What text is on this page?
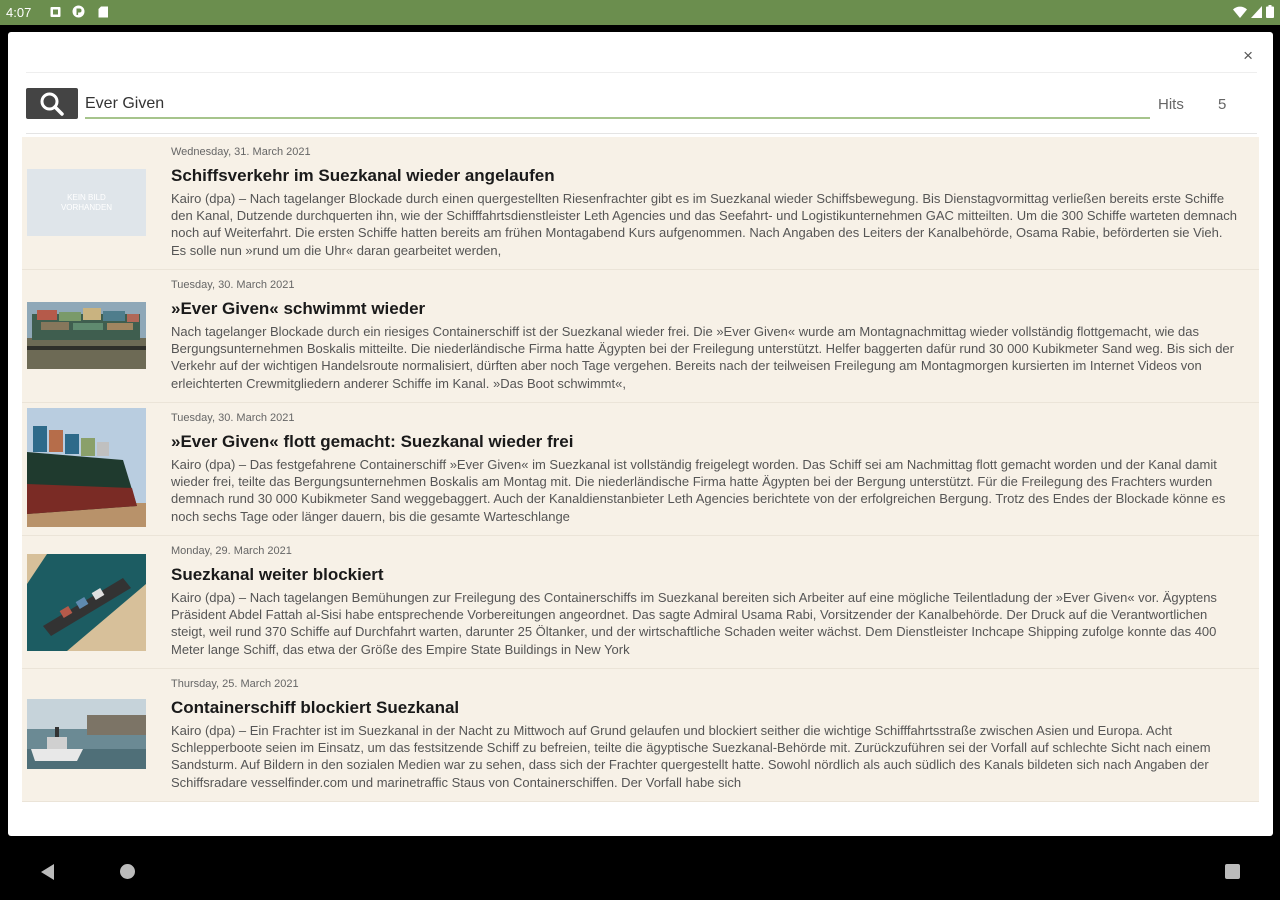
4:07
×
Ever Given
Hits 5
KEIN BILD VORHANDEN
Wednesday, 31. March 2021
Schiffsverkehr im Suezkanal wieder angelaufen
Kairo (dpa) – Nach tagelanger Blockade durch einen quergestellten Riesenfrachter gibt es im Suezkanal wieder Schiffsbewegung. Bis Dienstagvormittag verließen bereits erste Schiffe den Kanal, Dutzende durchquerten ihn, wie der Schifffahrtsdienstleister Leth Agencies und das Seefahrt- und Logistikunternehmen GAC mitteilten. Um die 300 Schiffe warteten demnach noch auf Weiterfahrt. Die ersten Schiffe hatten bereits am frühen Montagabend Kurs aufgenommen. Nach Angaben des Leiters der Kanalbehörde, Osama Rabie, beförderten sie Vieh. Es solle nun »rund um die Uhr« daran gearbeitet werden,
Tuesday, 30. March 2021
»Ever Given« schwimmt wieder
Nach tagelanger Blockade durch ein riesiges Containerschiff ist der Suezkanal wieder frei. Die »Ever Given« wurde am Montagnachmittag wieder vollständig flottgemacht, wie das Bergungsunternehmen Boskalis mitteilte. Die niederländische Firma hatte Ägypten bei der Freilegung unterstützt. Helfer baggerten dafür rund 30 000 Kubikmeter Sand weg. Bis sich der Verkehr auf der wichtigen Handelsroute normalisiert, dürften aber noch Tage vergehen. Bereits nach der teilweisen Freilegung am Montagmorgen kursierten im Internet Videos von erleichterten Crewmitgliedern anderer Schiffe im Kanal. »Das Boot schwimmt«,
Tuesday, 30. March 2021
»Ever Given« flott gemacht: Suezkanal wieder frei
Kairo (dpa) – Das festgefahrene Containerschiff »Ever Given« im Suezkanal ist vollständig freigelegt worden. Das Schiff sei am Nachmittag flott gemacht worden und der Kanal damit wieder frei, teilte das Bergungsunternehmen Boskalis am Montag mit. Die niederländische Firma hatte Ägypten bei der Bergung unterstützt. Für die Freilegung des Frachters wurden demnach rund 30 000 Kubikmeter Sand weggebaggert. Auch der Kanaldienstanbieter Leth Agencies berichtete von der erfolgreichen Bergung. Trotz des Endes der Blockade könne es noch sechs Tage oder länger dauern, bis die gesamte Warteschlange
Monday, 29. March 2021
Suezkanal weiter blockiert
Kairo (dpa) – Nach tagelangen Bemühungen zur Freilegung des Containerschiffs im Suezkanal bereiten sich Arbeiter auf eine mögliche Teilentladung der »Ever Given« vor. Ägyptens Präsident Abdel Fattah al-Sisi habe entsprechende Vorbereitungen angeordnet. Das sagte Admiral Usama Rabi, Vorsitzender der Kanalbehörde. Der Druck auf die Verantwortlichen steigt, weil rund 370 Schiffe auf Durchfahrt warten, darunter 25 Öltanker, und der wirtschaftliche Schaden weiter wächst. Dem Dienstleister Inchcape Shipping zufolge konnte das 400 Meter lange Schiff, das etwa der Größe des Empire State Buildings in New York
Thursday, 25. March 2021
Containerschiff blockiert Suezkanal
Kairo (dpa) – Ein Frachter ist im Suezkanal in der Nacht zu Mittwoch auf Grund gelaufen und blockiert seither die wichtige Schifffahrtsstraße zwischen Asien und Europa. Acht Schlepperboote seien im Einsatz, um das festsitzende Schiff zu befreien, teilte die ägyptische Suezkanal-Behörde mit. Zurückzuführen sei der Vorfall auf schlechte Sicht nach einem Sandsturm. Auf Bildern in den sozialen Medien war zu sehen, dass sich der Frachter quergestellt hatte. Sowohl nördlich als auch südlich des Kanals bildeten sich nach Angaben der Schiffsradare vesselfinder.com und marinetraffic Staus von Containerschiffen. Der Vorfall habe sich
